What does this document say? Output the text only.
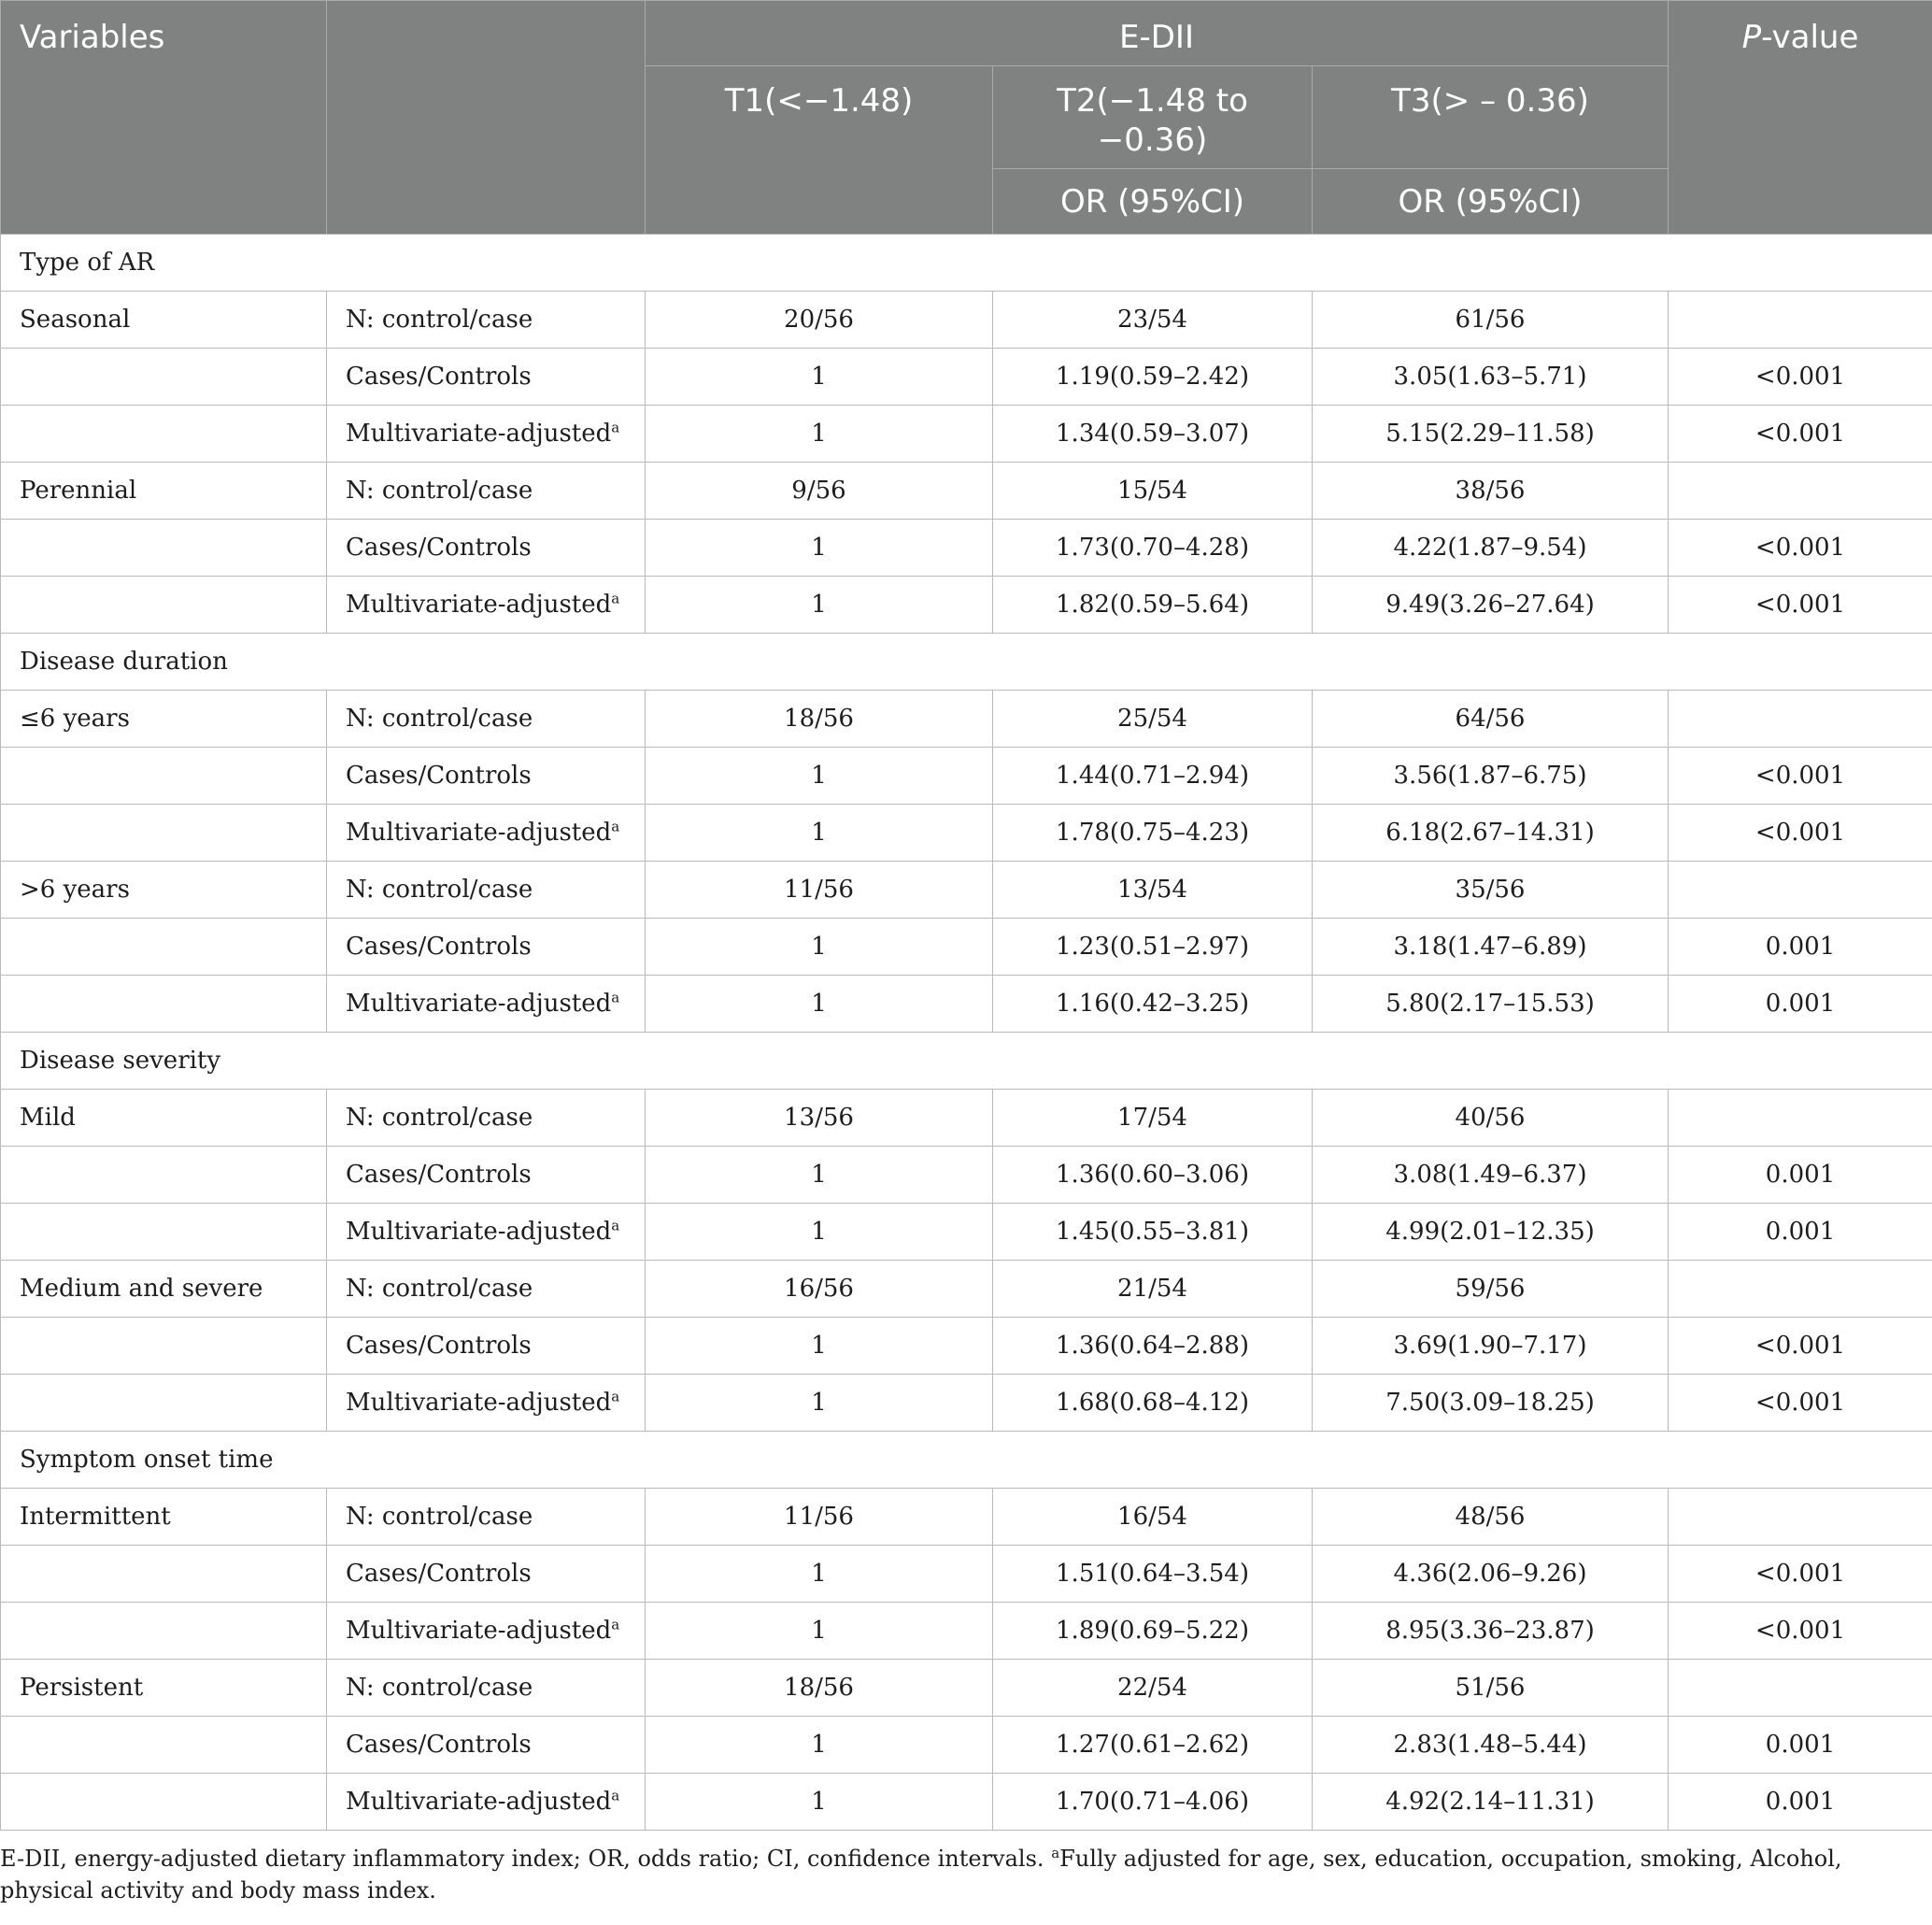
Variables		E-DII			P-value
		T1(<−1.48)	T2(−1.48 to −0.36)	T3(> – 0.36)	
			OR (95%CI)	OR (95%CI)	
Type of AR					
Seasonal	N: control/case	20/56	23/54	61/56	
	Cases/Controls	1	1.19(0.59–2.42)	3.05(1.63–5.71)	<0.001
	Multivariate-adjusted$^a$	1	1.34(0.59–3.07)	5.15(2.29–11.58)	<0.001
Perennial	N: control/case	9/56	15/54	38/56	
	Cases/Controls	1	1.73(0.70–4.28)	4.22(1.87–9.54)	<0.001
	Multivariate-adjusted$^a$	1	1.82(0.59–5.64)	9.49(3.26–27.64)	<0.001
Disease duration					
≤6 years	N: control/case	18/56	25/54	64/56	
	Cases/Controls	1	1.44(0.71–2.94)	3.56(1.87–6.75)	<0.001
	Multivariate-adjusted$^a$	1	1.78(0.75–4.23)	6.18(2.67–14.31)	<0.001
>6 years	N: control/case	11/56	13/54	35/56	
	Cases/Controls	1	1.23(0.51–2.97)	3.18(1.47–6.89)	0.001
	Multivariate-adjusted$^a$	1	1.16(0.42–3.25)	5.80(2.17–15.53)	0.001
Disease severity					
Mild	N: control/case	13/56	17/54	40/56	
	Cases/Controls	1	1.36(0.60–3.06)	3.08(1.49–6.37)	0.001
	Multivariate-adjusted$^a$	1	1.45(0.55–3.81)	4.99(2.01–12.35)	0.001
Medium and severe	N: control/case	16/56	21/54	59/56	
	Cases/Controls	1	1.36(0.64–2.88)	3.69(1.90–7.17)	<0.001
	Multivariate-adjusted$^a$	1	1.68(0.68–4.12)	7.50(3.09–18.25)	<0.001
Symptom onset time					
Intermittent	N: control/case	11/56	16/54	48/56	
	Cases/Controls	1	1.51(0.64–3.54)	4.36(2.06–9.26)	<0.001
	Multivariate-adjusted$^a$	1	1.89(0.69–5.22)	8.95(3.36–23.87)	<0.001
Persistent	N: control/case	18/56	22/54	51/56	
	Cases/Controls	1	1.27(0.61–2.62)	2.83(1.48–5.44)	0.001
	Multivariate-adjusted$^a$	1	1.70(0.71–4.06)	4.92(2.14–11.31)	0.001
E-DII, energy-adjusted dietary inflammatory index; OR, odds ratio; CI, confidence intervals. $^a$Fully adjusted for age, sex, education, occupation, smoking, Alcohol, physical activity and body mass index.
